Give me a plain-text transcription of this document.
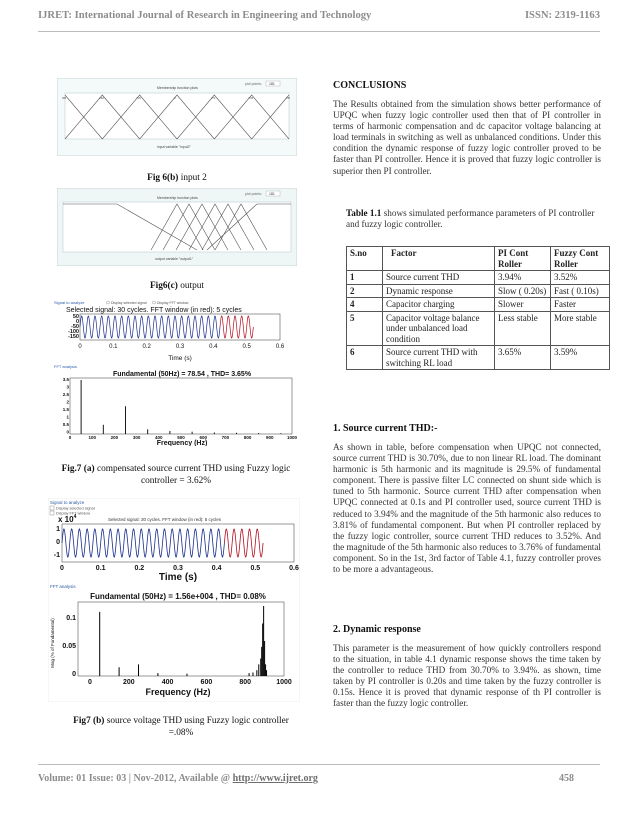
IJRET: International Journal of Research in Engineering and Technology	ISSN: 2319-1163
plot points: 181
Membership function plots
NB	NM	NS	Z	PS	PM	PB
input variable "input2"
Fig 6(b) input 2
plot points: 181
Membership function plots
output variable "output1"
Fig6(c) output
Signal to analyze	Display selected signal	Display FFT window
Selected signal: 30 cycles. FFT window (in red): 5 cycles
50
0
-50
-100
-150
0	0.1	0.2	0.3	0.4	0.5	0.6
Time (s)
FFT analysis
Fundamental (50Hz) = 78.54 , THD= 3.65%
3.5
3
2.5
2
1.5
1
0.5
0
0	100	200	300	400	500	600	700	800	900	1000
Frequency (Hz)
Fig.7 (a) compensated source current THD using Fuzzy logic
controller = 3.62%
Signal to analyze
Display selected signal
Display FFT window
x $10^4$	Selected signal: 30 cycles. FFT window (in red): 5 cycles
1
0
-1
0	0.1	0.2	0.3	0.4	0.5	0.6
Time (s)
FFT analysis
Fundamental (50Hz) = 1.56e+004 , THD= 0.08%
Mag (% of Fundamental) 0.1
0.05
0
0	200	400	600	800	1000
Frequency (Hz)
Fig7 (b) source voltage THD using Fuzzy logic controller
=.08%
CONCLUSIONS
The Results obtained from the simulation shows better performance of UPQC when fuzzy logic controller used then that of PI controller in terms of harmonic compensation and dc capacitor voltage balancing at load terminals in switching as well as unbalanced conditions. Under this condition the dynamic response of fuzzy logic controller proved to be faster than PI controller. Hence it is proved that fuzzy logic controller is superior then PI controller.
Table 1.1 shows simulated performance parameters of PI controller and fuzzy logic controller.
S.no	Factor	PI Cont Roller	Fuzzy Cont Roller
1	Source current THD	3.94%	3.52%
2	Dynamic response	Slow ( 0.20s)	Fast ( 0.10s)
4	Capacitor charging	Slower	Faster
5	Capacitor voltage balance under unbalanced load condition	Less stable	More stable
6	Source current THD with switching RL load	3.65%	3.59%
1. Source current THD:-
As shown in table, before compensation when UPQC not connected, source current THD is 30.70%, due to non linear RL load. The dominant harmonic is 5th harmonic and its magnitude is 29.5% of fundamental component. There is passive filter LC connected on shunt side which is tuned to 5th harmonic. Source current THD after compensation when UPQC connected at 0.1s and PI controller used, source current THD is reduced to 3.94% and the magnitude of the 5th harmonic also reduces to 3.81% of fundamental component. But when PI controller replaced by the fuzzy logic controller, source current THD reduces to 3.52%. And the magnitude of the 5th harmonic also reduces to 3.76% of fundamental component. So in the 1st, 3rd factor of Table 4.1, fuzzy controller proves to be more a advantageous.
2. Dynamic response
This parameter is the measurement of how quickly controllers respond to the situation, in table 4.1 dynamic response shows the time taken by the controller to reduce THD from 30.70% to 3.94%. as shown, time taken by PI controller is 0.20s and time taken by the fuzzy controller is 0.15s. Hence it is proved that dynamic response of th PI controller is faster than the fuzzy logic controller.
Volume: 01 Issue: 03 | Nov-2012, Available @ http://www.ijret.org	458
